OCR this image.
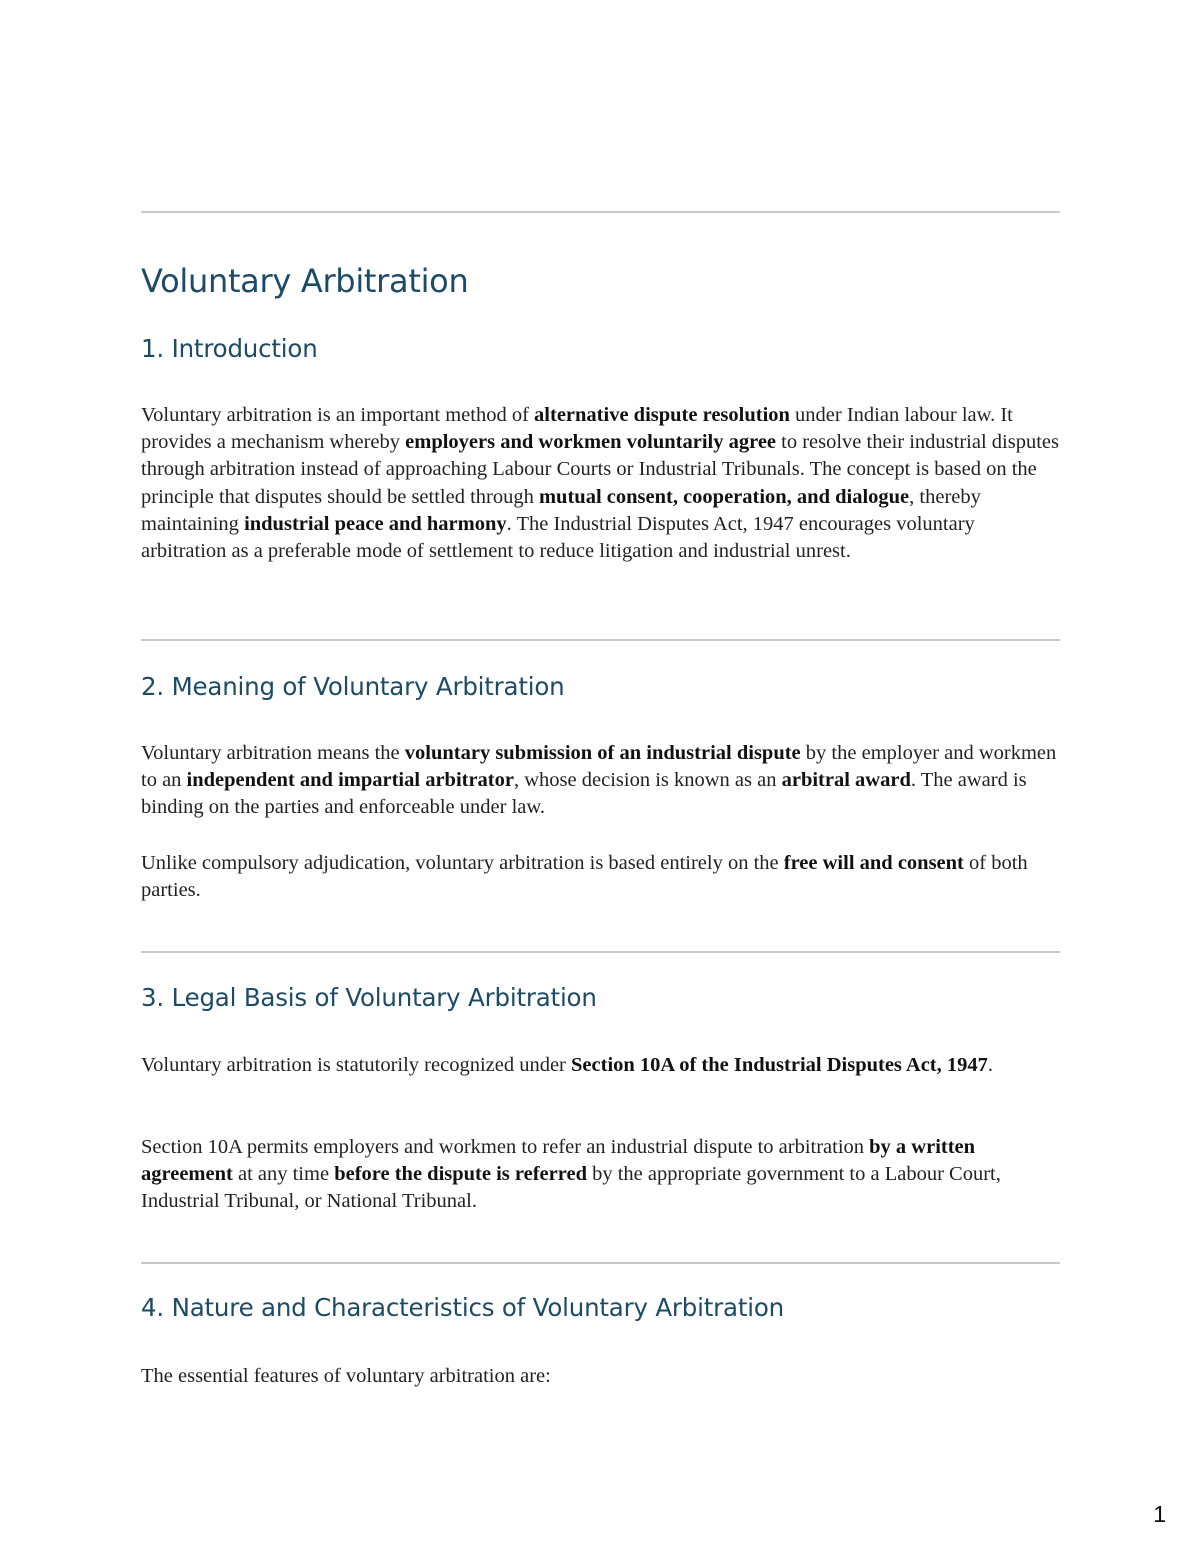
Voluntary Arbitration
1. Introduction

Voluntary arbitration is an important method of alternative dispute resolution under Indian labour law. It provides a mechanism whereby employers and workmen voluntarily agree to resolve their industrial disputes through arbitration instead of approaching Labour Courts or Industrial Tribunals. The concept is based on the principle that disputes should be settled through mutual consent, cooperation, and dialogue, thereby maintaining industrial peace and harmony. The Industrial Disputes Act, 1947 encourages voluntary arbitration as a preferable mode of settlement to reduce litigation and industrial unrest.

2. Meaning of Voluntary Arbitration

Voluntary arbitration means the voluntary submission of an industrial dispute by the employer and workmen to an independent and impartial arbitrator, whose decision is known as an arbitral award. The award is binding on the parties and enforceable under law.

Unlike compulsory adjudication, voluntary arbitration is based entirely on the free will and consent of both parties.

3. Legal Basis of Voluntary Arbitration

Voluntary arbitration is statutorily recognized under Section 10A of the Industrial Disputes Act, 1947.

Section 10A permits employers and workmen to refer an industrial dispute to arbitration by a written agreement at any time before the dispute is referred by the appropriate government to a Labour Court, Industrial Tribunal, or National Tribunal.

4. Nature and Characteristics of Voluntary Arbitration

The essential features of voluntary arbitration are:

1
